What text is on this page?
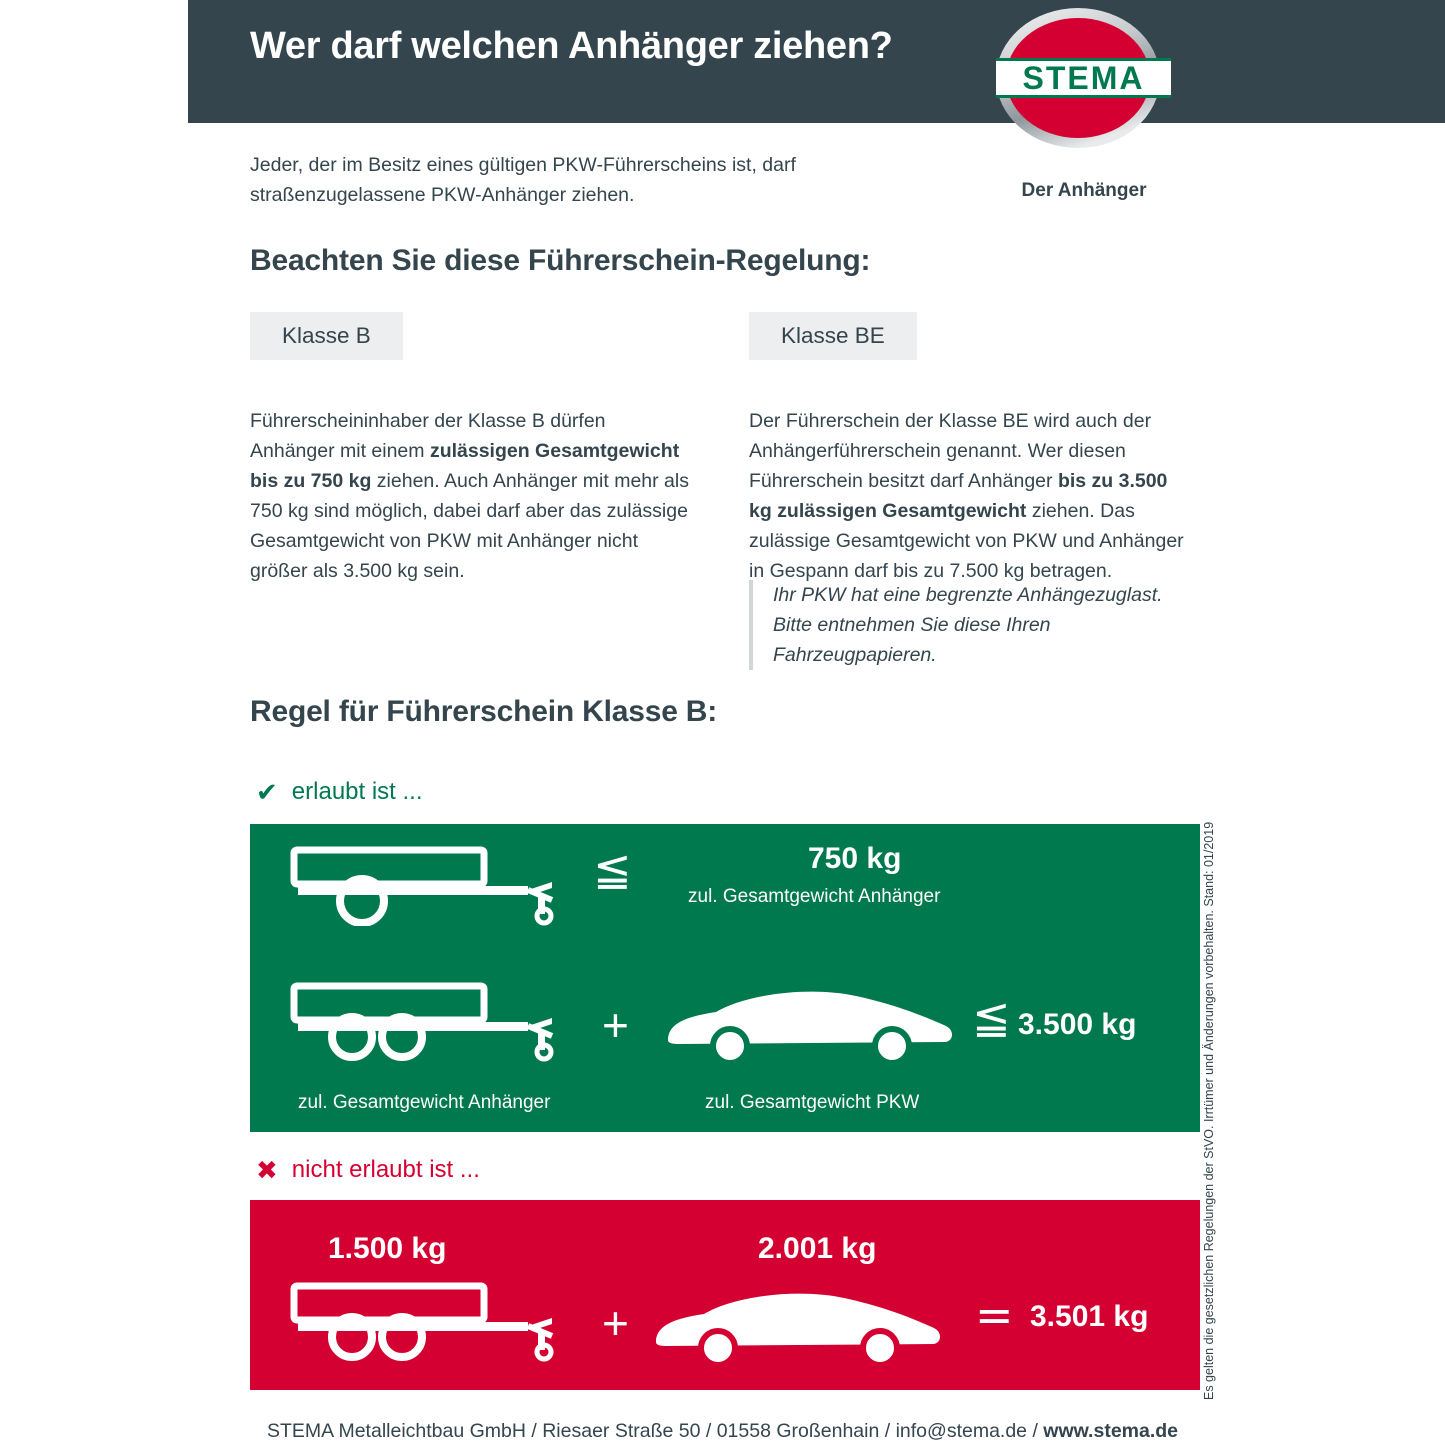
Wer darf welchen Anhänger ziehen?
STEMA
Der Anhänger
Jeder, der im Besitz eines gültigen PKW-Führerscheins ist, darf straßenzugelassene PKW-Anhänger ziehen.
Beachten Sie diese Führerschein-Regelung:
Klasse B	Klasse BE
Führerscheininhaber der Klasse B dürfen Anhänger mit einem zulässigen Gesamtgewicht bis zu 750 kg ziehen. Auch Anhänger mit mehr als 750 kg sind möglich, dabei darf aber das zulässige Gesamtgewicht von PKW mit Anhänger nicht größer als 3.500 kg sein.
Der Führerschein der Klasse BE wird auch der Anhängerführerschein genannt. Wer diesen Führerschein besitzt darf Anhänger bis zu 3.500 kg zulässigen Gesamtgewicht ziehen. Das zulässige Gesamtgewicht von PKW und Anhänger in Gespann darf bis zu 7.500 kg betragen.
Ihr PKW hat eine begrenzte Anhängezuglast. Bitte entnehmen Sie diese Ihren Fahrzeugpapieren.
Regel für Führerschein Klasse B:
✔ erlaubt ist ...
≦	750 kg
zul. Gesamtgewicht Anhänger
+	≦ 3.500 kg
zul. Gesamtgewicht Anhänger	zul. Gesamtgewicht PKW
✖ nicht erlaubt ist ...
1.500 kg	2.001 kg
+	= 3.501 kg	Es gelten die gesetzlichen Regelungen der StVO. Irrtümer und Änderungen vorbehalten. Stand: 01/2019
STEMA Metalleichtbau GmbH / Riesaer Straße 50 / 01558 Großenhain / info@stema.de / www.stema.de
